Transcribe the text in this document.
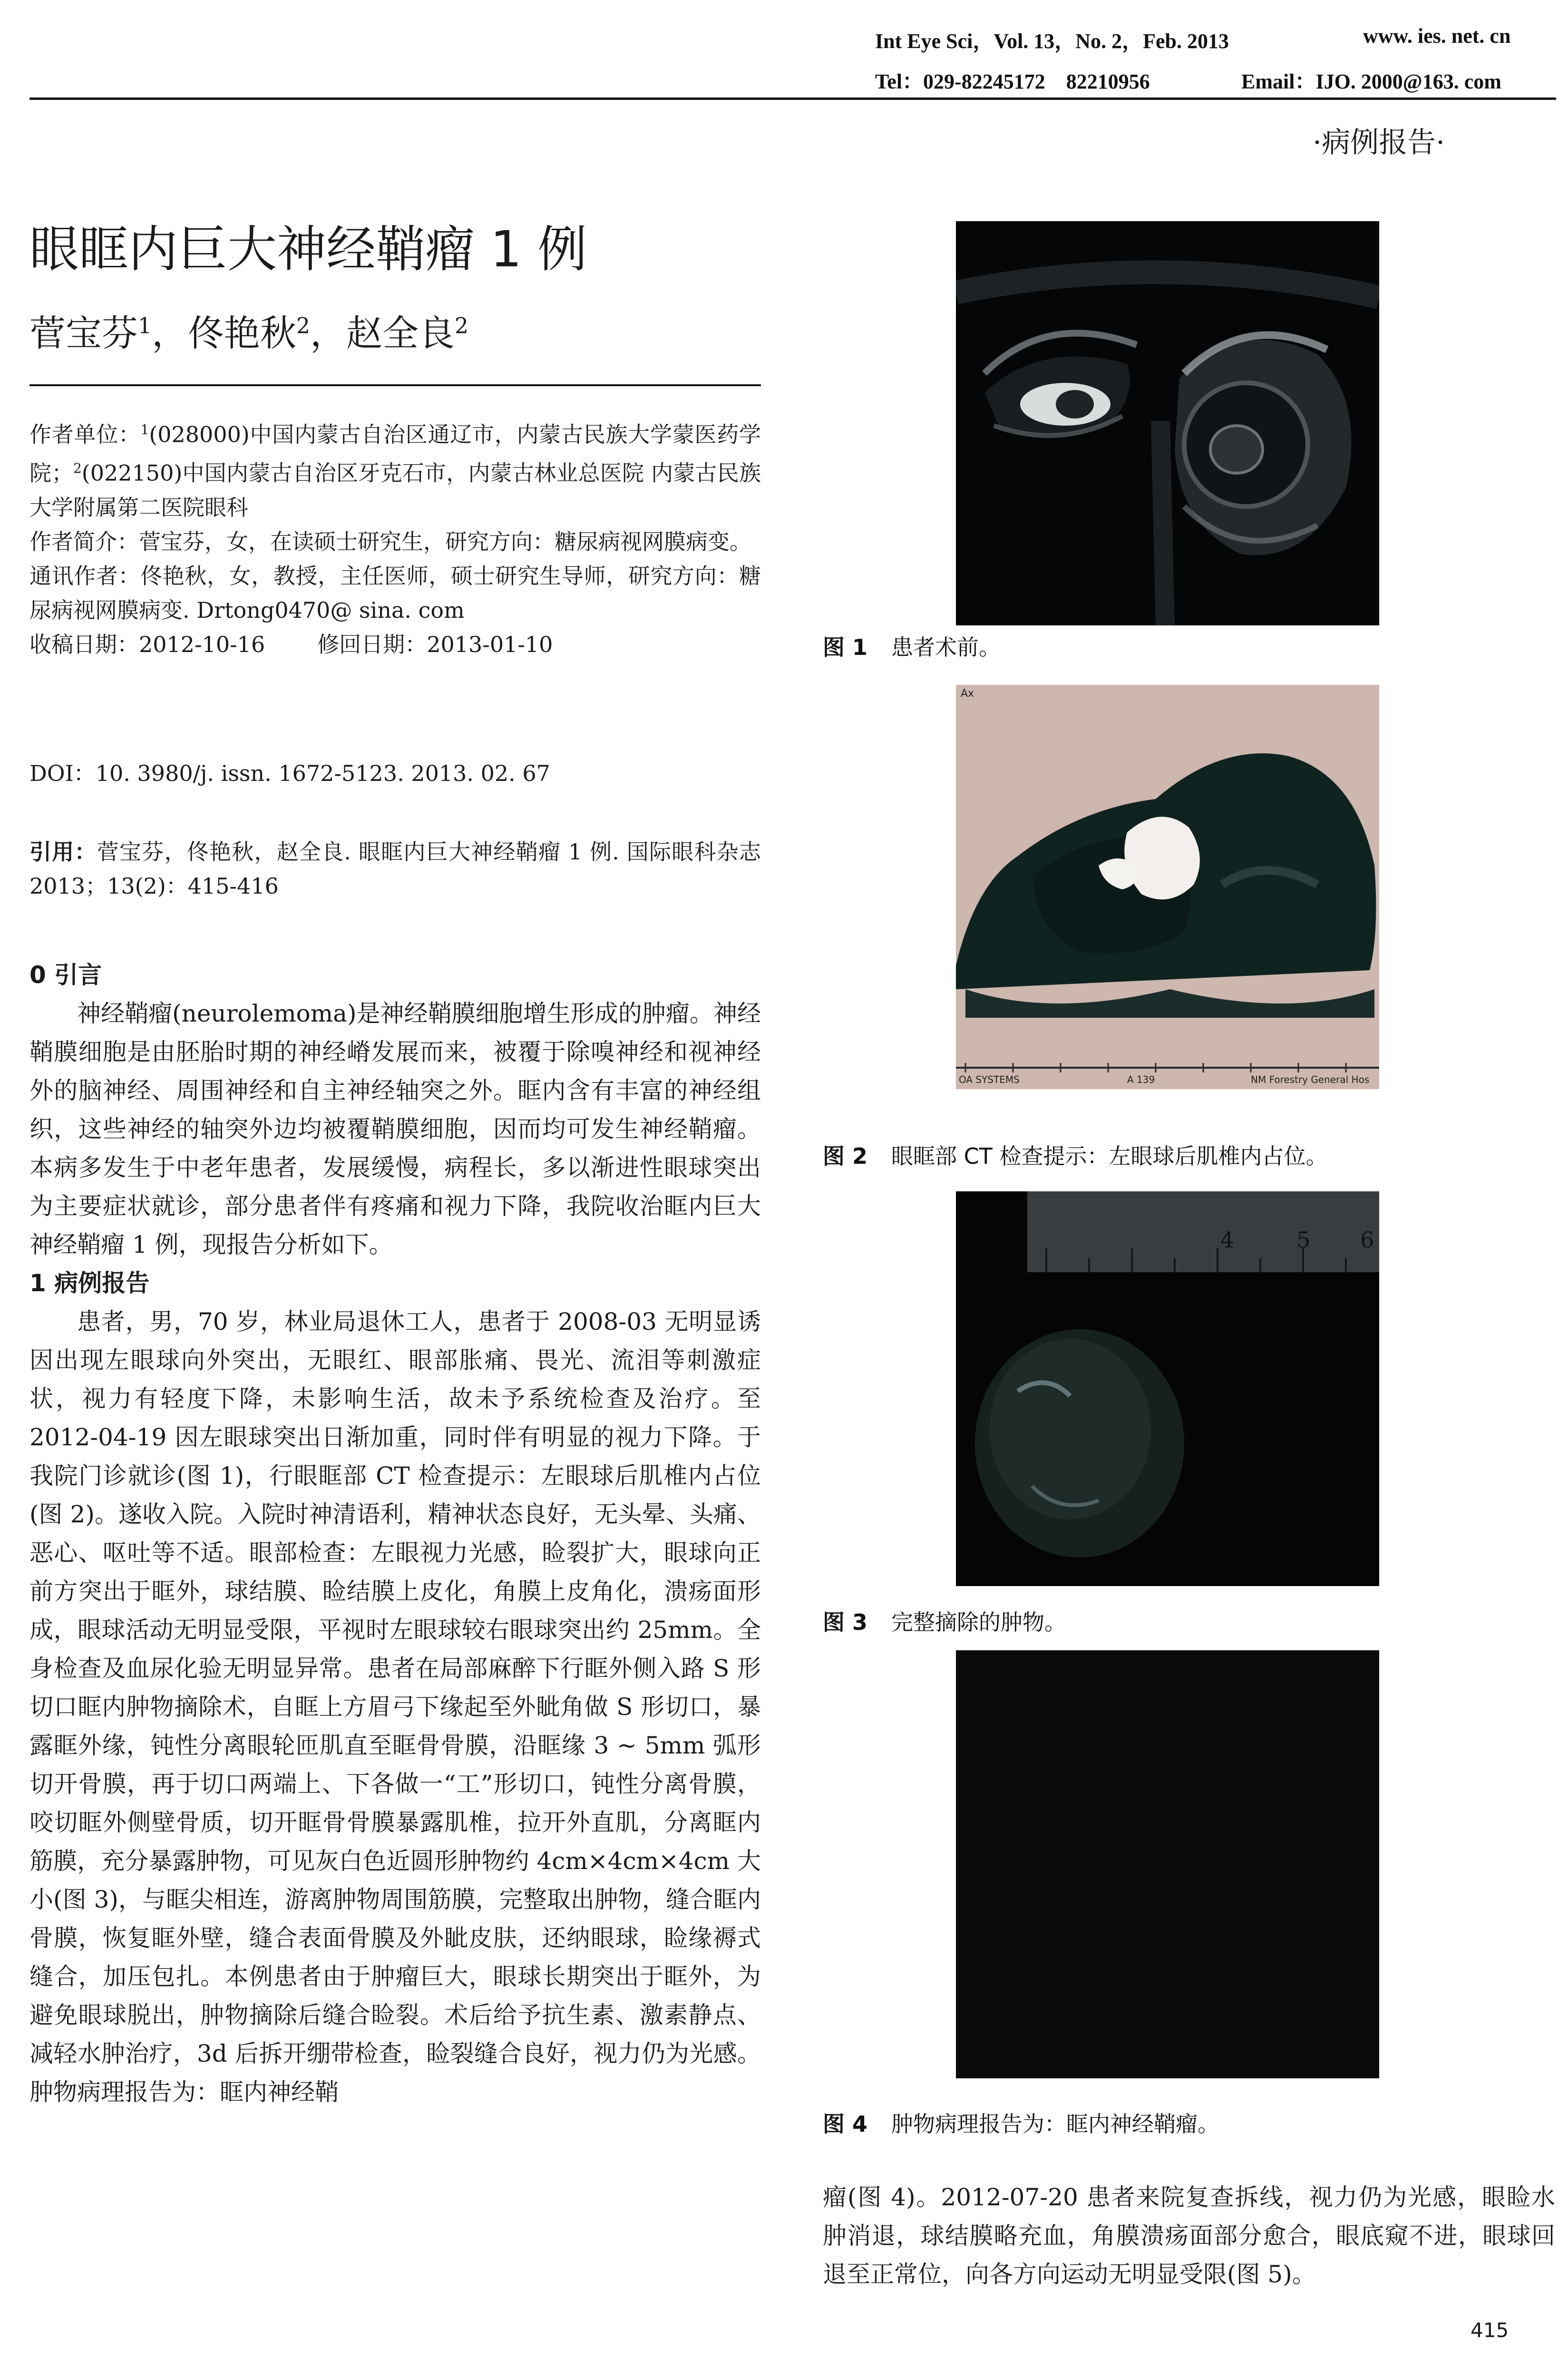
Int Eye Sci，Vol. 13，No. 2，Feb. 2013	www. ies. net. cn
Tel：029-82245172　82210956	Email：IJO. 2000@163. com
·病例报告·
眼眶内巨大神经鞘瘤 1 例
菅宝芬$^1$，佟艳秋$^2$，赵全良$^2$
作者单位：$^1$(028000)中国内蒙古自治区通辽市，内蒙古民族大学蒙医药学院；$^2$(022150)中国内蒙古自治区牙克石市，内蒙古林业总医院 内蒙古民族大学附属第二医院眼科
作者简介：菅宝芬，女，在读硕士研究生，研究方向：糖尿病视网膜病变。
通讯作者：佟艳秋，女，教授，主任医师，硕士研究生导师，研究方向：糖尿病视网膜病变. Drtong0470@ sina. com
收稿日期：2012-10-16 修回日期：2013-01-10
DOI：10. 3980/j. issn. 1672-5123. 2013. 02. 67
引用：菅宝芬，佟艳秋，赵全良. 眼眶内巨大神经鞘瘤 1 例. 国际眼科杂志 2013；13(2)：415-416
0 引言

神经鞘瘤(neurolemoma)是神经鞘膜细胞增生形成的肿瘤。神经鞘膜细胞是由胚胎时期的神经嵴发展而来，被覆于除嗅神经和视神经外的脑神经、周围神经和自主神经轴突之外。眶内含有丰富的神经组织，这些神经的轴突外边均被覆鞘膜细胞，因而均可发生神经鞘瘤。本病多发生于中老年患者，发展缓慢，病程长，多以渐进性眼球突出为主要症状就诊，部分患者伴有疼痛和视力下降，我院收治眶内巨大神经鞘瘤 1 例，现报告分析如下。

1 病例报告

患者，男，70 岁，林业局退休工人，患者于 2008-03 无明显诱因出现左眼球向外突出，无眼红、眼部胀痛、畏光、流泪等刺激症状，视力有轻度下降，未影响生活，故未予系统检查及治疗。至 2012-04-19 因左眼球突出日渐加重，同时伴有明显的视力下降。于我院门诊就诊(图 1)，行眼眶部 CT 检查提示：左眼球后肌椎内占位(图 2)。遂收入院。入院时神清语利，精神状态良好，无头晕、头痛、恶心、呕吐等不适。眼部检查：左眼视力光感，睑裂扩大，眼球向正前方突出于眶外，球结膜、睑结膜上皮化，角膜上皮角化，溃疡面形成，眼球活动无明显受限，平视时左眼球较右眼球突出约 25mm。全身检查及血尿化验无明显异常。患者在局部麻醉下行眶外侧入路 S 形切口眶内肿物摘除术，自眶上方眉弓下缘起至外眦角做 S 形切口，暴露眶外缘，钝性分离眼轮匝肌直至眶骨骨膜，沿眶缘 3 ~ 5mm 弧形切开骨膜，再于切口两端上、下各做一“工”形切口，钝性分离骨膜，咬切眶外侧壁骨质，切开眶骨骨膜暴露肌椎，拉开外直肌，分离眶内筋膜，充分暴露肿物，可见灰白色近圆形肿物约 4cm×4cm×4cm 大小(图 3)，与眶尖相连，游离肿物周围筋膜，完整取出肿物，缝合眶内骨膜，恢复眶外壁，缝合表面骨膜及外眦皮肤，还纳眼球，睑缘褥式缝合，加压包扎。本例患者由于肿瘤巨大，眼球长期突出于眶外，为避免眼球脱出，肿物摘除后缝合睑裂。术后给予抗生素、激素静点、减轻水肿治疗，3d 后拆开绷带检查，睑裂缝合良好，视力仍为光感。肿物病理报告为：眶内神经鞘

图 1 患者术前。
Ax
OA SYSTEMS	A 139	NM Forestry General Hos
图 2 眼眶部 CT 检查提示：左眼球后肌椎内占位。
4	5 6
图 3 完整摘除的肿物。
图 4 肿物病理报告为：眶内神经鞘瘤。

瘤(图 4)。2012-07-20 患者来院复查拆线，视力仍为光感，眼睑水肿消退，球结膜略充血，角膜溃疡面部分愈合，眼底窥不进，眼球回退至正常位，向各方向运动无明显受限(图 5)。

415
